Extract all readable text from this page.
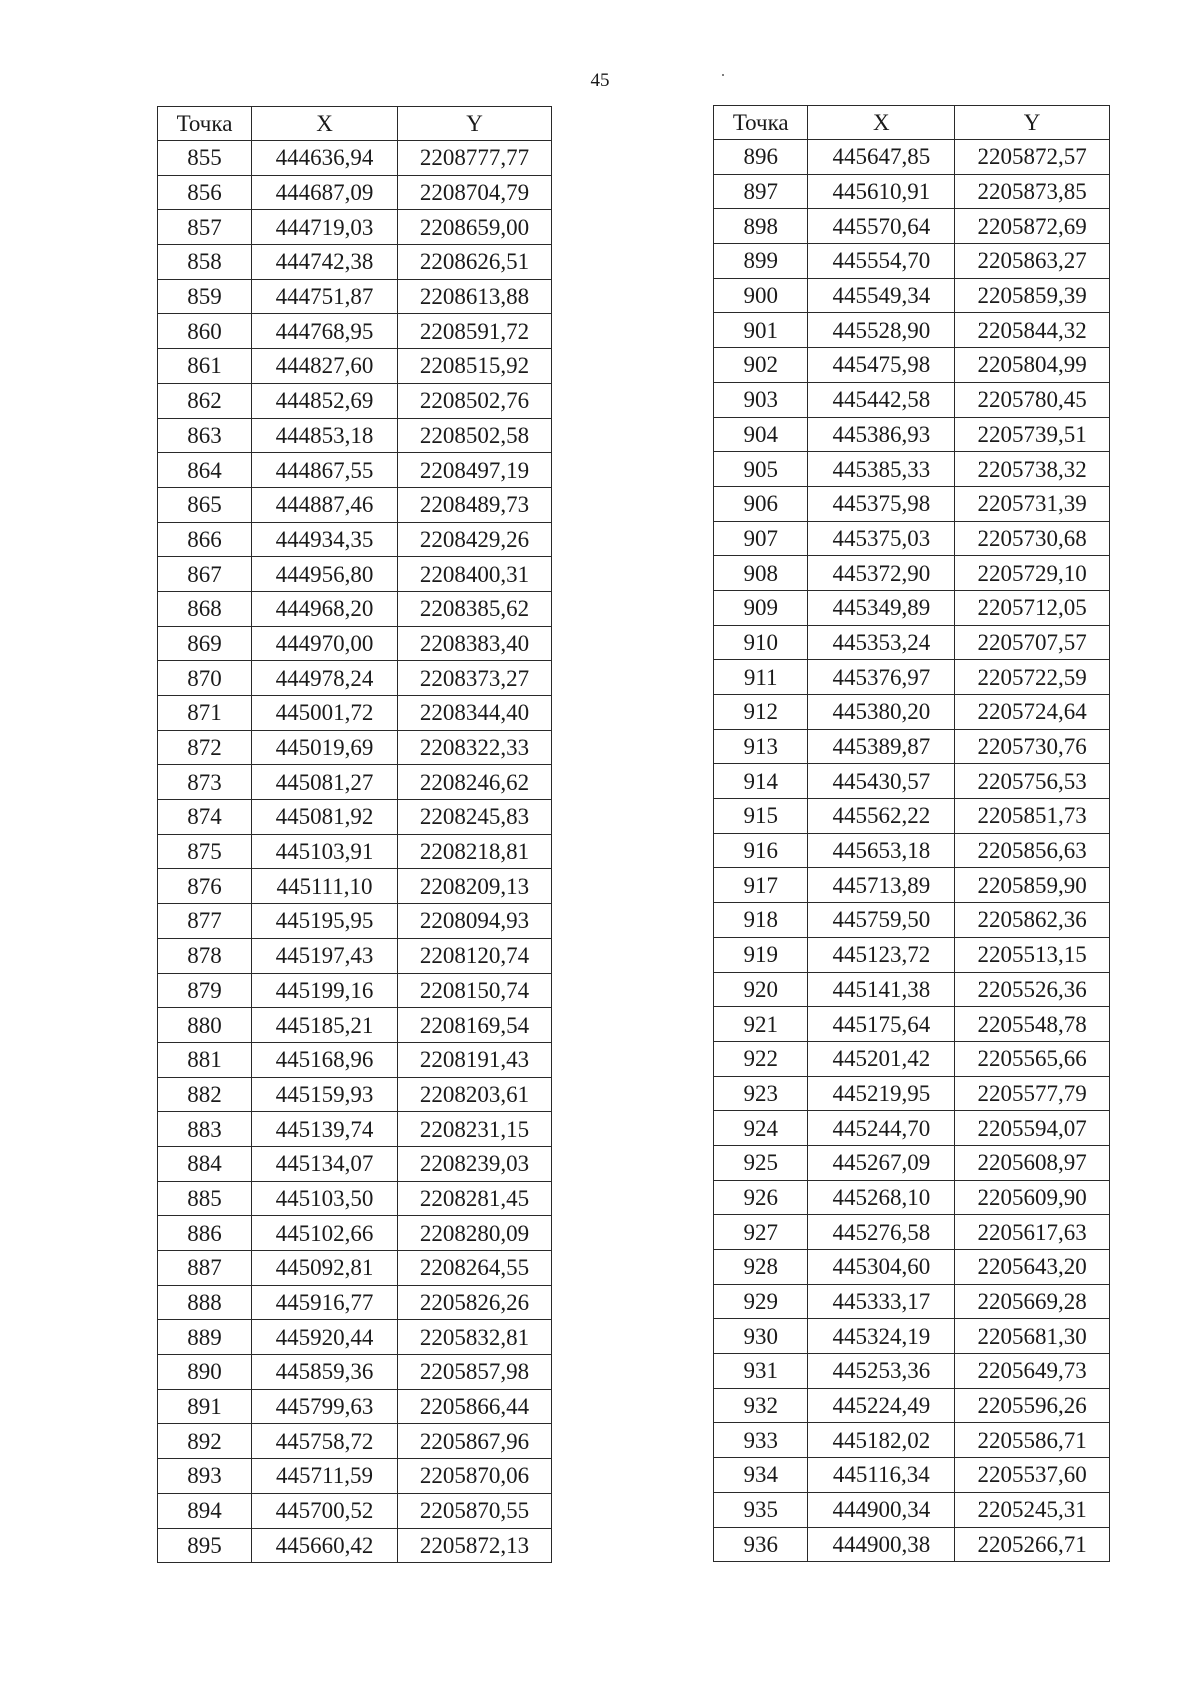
45
Точка	X	Y
855	444636,94	2208777,77
856	444687,09	2208704,79
857	444719,03	2208659,00
858	444742,38	2208626,51
859	444751,87	2208613,88
860	444768,95	2208591,72
861	444827,60	2208515,92
862	444852,69	2208502,76
863	444853,18	2208502,58
864	444867,55	2208497,19
865	444887,46	2208489,73
866	444934,35	2208429,26
867	444956,80	2208400,31
868	444968,20	2208385,62
869	444970,00	2208383,40
870	444978,24	2208373,27
871	445001,72	2208344,40
872	445019,69	2208322,33
873	445081,27	2208246,62
874	445081,92	2208245,83
875	445103,91	2208218,81
876	445111,10	2208209,13
877	445195,95	2208094,93
878	445197,43	2208120,74
879	445199,16	2208150,74
880	445185,21	2208169,54
881	445168,96	2208191,43
882	445159,93	2208203,61
883	445139,74	2208231,15
884	445134,07	2208239,03
885	445103,50	2208281,45
886	445102,66	2208280,09
887	445092,81	2208264,55
888	445916,77	2205826,26
889	445920,44	2205832,81
890	445859,36	2205857,98
891	445799,63	2205866,44
892	445758,72	2205867,96
893	445711,59	2205870,06
894	445700,52	2205870,55
895	445660,42	2205872,13
Точка	X	Y
896	445647,85	2205872,57
897	445610,91	2205873,85
898	445570,64	2205872,69
899	445554,70	2205863,27
900	445549,34	2205859,39
901	445528,90	2205844,32
902	445475,98	2205804,99
903	445442,58	2205780,45
904	445386,93	2205739,51
905	445385,33	2205738,32
906	445375,98	2205731,39
907	445375,03	2205730,68
908	445372,90	2205729,10
909	445349,89	2205712,05
910	445353,24	2205707,57
911	445376,97	2205722,59
912	445380,20	2205724,64
913	445389,87	2205730,76
914	445430,57	2205756,53
915	445562,22	2205851,73
916	445653,18	2205856,63
917	445713,89	2205859,90
918	445759,50	2205862,36
919	445123,72	2205513,15
920	445141,38	2205526,36
921	445175,64	2205548,78
922	445201,42	2205565,66
923	445219,95	2205577,79
924	445244,70	2205594,07
925	445267,09	2205608,97
926	445268,10	2205609,90
927	445276,58	2205617,63
928	445304,60	2205643,20
929	445333,17	2205669,28
930	445324,19	2205681,30
931	445253,36	2205649,73
932	445224,49	2205596,26
933	445182,02	2205586,71
934	445116,34	2205537,60
935	444900,34	2205245,31
936	444900,38	2205266,71
